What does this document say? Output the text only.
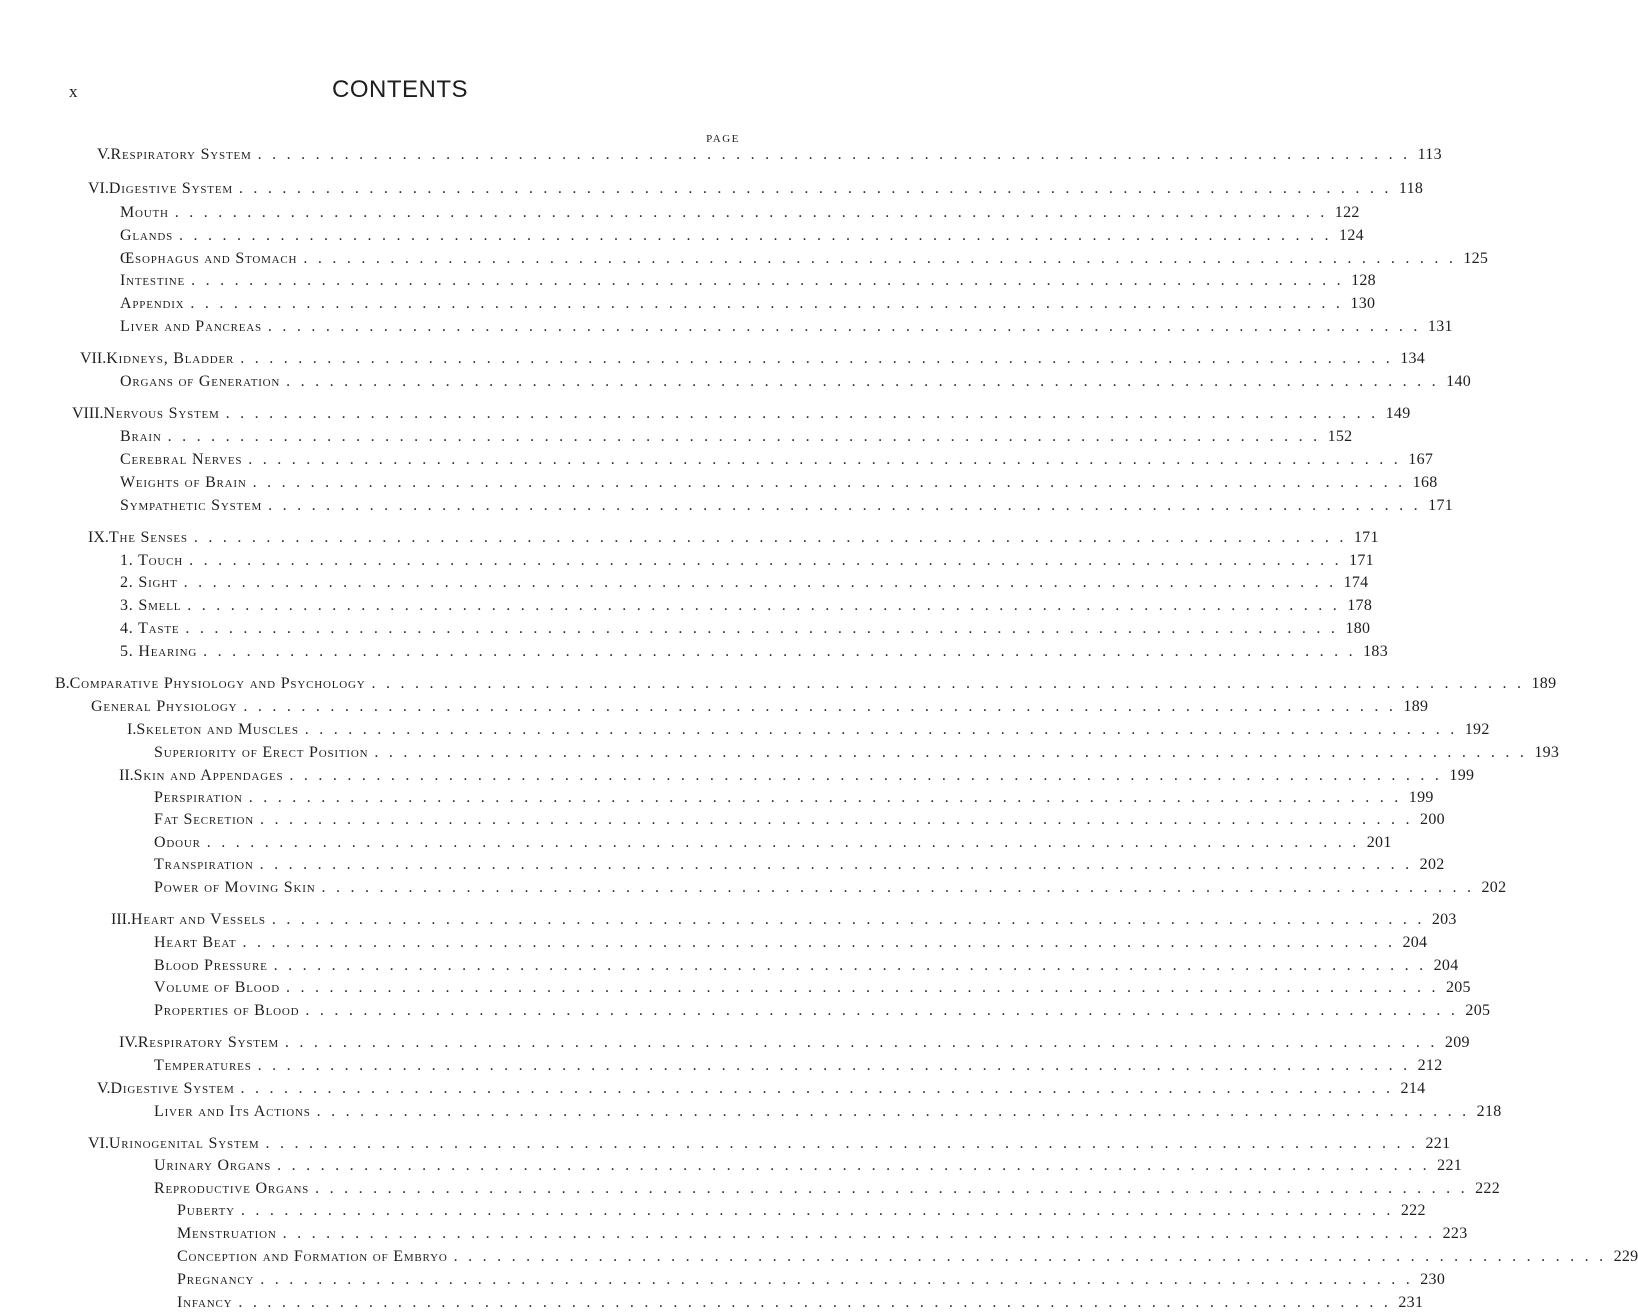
x	CONTENTS
PAGE
V. Respiratory System ................................................................................ 113
VI. Digestive System ................................................................................ 118
Mouth ................................................................................ 122
Glands ................................................................................ 124
Œsophagus and Stomach ................................................................................ 125
Intestine ................................................................................ 128
Appendix ................................................................................ 130
Liver and Pancreas ................................................................................ 131
VII. Kidneys, Bladder ................................................................................ 134
Organs of Generation ................................................................................ 140
VIII. Nervous System ................................................................................ 149
Brain ................................................................................ 152
Cerebral Nerves ................................................................................ 167
Weights of Brain ................................................................................ 168
Sympathetic System ................................................................................ 171
IX. The Senses ................................................................................ 171
1. Touch ................................................................................ 171
2. Sight ................................................................................ 174
3. Smell ................................................................................ 178
4. Taste ................................................................................ 180
5. Hearing ................................................................................ 183
B. Comparative Physiology and Psychology ................................................................................ 189
General Physiology ................................................................................ 189
I. Skeleton and Muscles ................................................................................ 192
Superiority of Erect Position ................................................................................ 193
II. Skin and Appendages ................................................................................ 199
Perspiration ................................................................................ 199
Fat Secretion ................................................................................ 200
Odour ................................................................................ 201
Transpiration ................................................................................ 202
Power of Moving Skin ................................................................................ 202
III. Heart and Vessels ................................................................................ 203
Heart Beat ................................................................................ 204
Blood Pressure ................................................................................ 204
Volume of Blood ................................................................................ 205
Properties of Blood ................................................................................ 205
IV. Respiratory System ................................................................................ 209
Temperatures ................................................................................ 212
V. Digestive System ................................................................................ 214
Liver and Its Actions ................................................................................ 218
VI. Urinogenital System ................................................................................ 221
Urinary Organs ................................................................................ 221
Reproductive Organs ................................................................................ 222
Puberty ................................................................................ 222
Menstruation ................................................................................ 223
Conception and Formation of Embryo ................................................................................ 229
Pregnancy ................................................................................ 230
Infancy ................................................................................ 231
